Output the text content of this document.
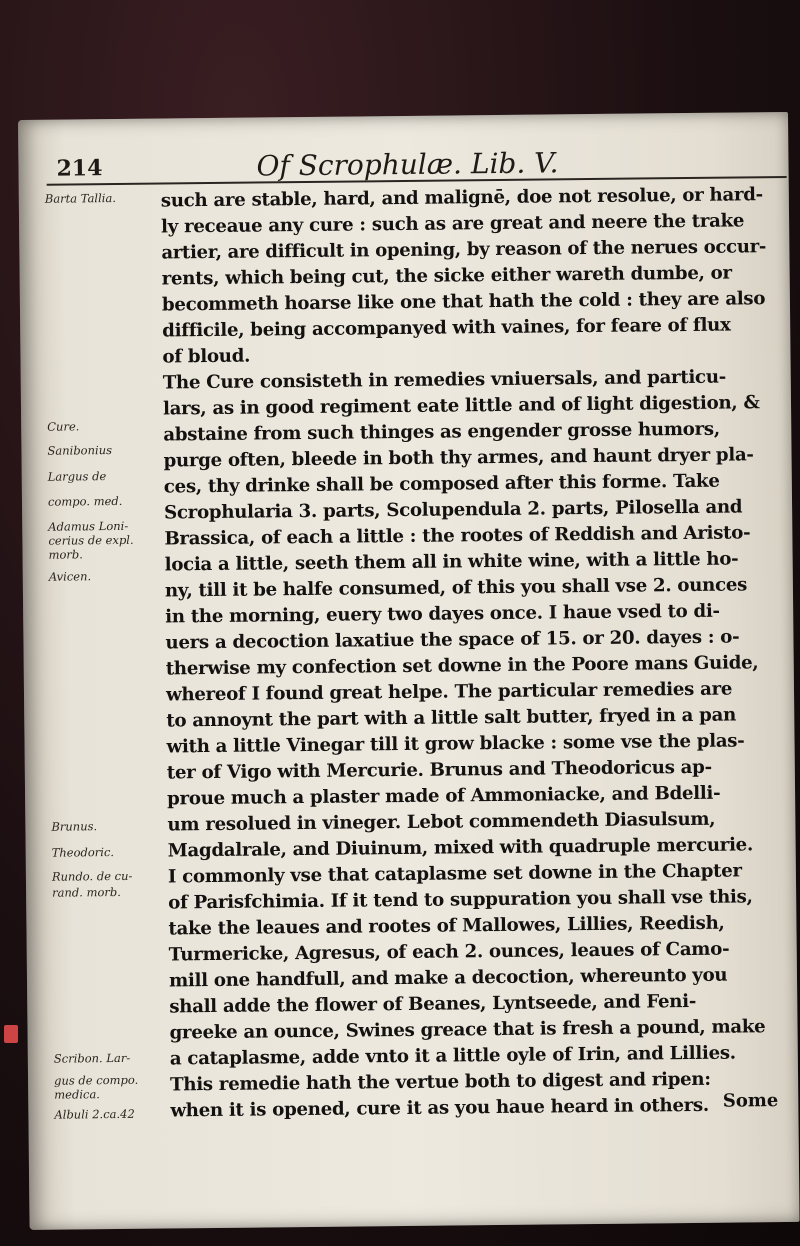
214	Of Scrophulæ. Lib. V.
Barta Tallia.
Cure.
Sanibonius
Largus de
compo. med.
Adamus Loni-
cerius de expl.
morb.
Avicen.
Brunus.
Theodoric.
Rundo. de cu-
rand. morb.
Scribon. Lar-
gus de compo.
medica.
Albuli 2.ca.42
such are stable, hard, and malignē, doe not resolue, or hard-
ly receaue any cure : such as are great and neere the trake
artier, are difficult in opening, by reason of the nerues occur-
rents, which being cut, the sicke either wareth dumbe, or
becommeth hoarse like one that hath the cold : they are also
difficile, being accompanyed with vaines, for feare of flux
of bloud.
The Cure consisteth in remedies vniuersals, and particu-
lars, as in good regiment eate little and of light digestion, &
abstaine from such thinges as engender grosse humors,
purge often, bleede in both thy armes, and haunt dryer pla-
ces, thy drinke shall be composed after this forme. Take
Scrophularia 3. parts, Scolupendula 2. parts, Pilosella and
Brassica, of each a little : the rootes of Reddish and Aristo-
locia a little, seeth them all in white wine, with a little ho-
ny, till it be halfe consumed, of this you shall vse 2. ounces
in the morning, euery two dayes once. I haue vsed to di-
uers a decoction laxatiue the space of 15. or 20. dayes : o-
therwise my confection set downe in the Poore mans Guide,
whereof I found great helpe. The particular remedies are
to annoynt the part with a little salt butter, fryed in a pan
with a little Vinegar till it grow blacke : some vse the plas-
ter of Vigo with Mercurie. Brunus and Theodoricus ap-
proue much a plaster made of Ammoniacke, and Bdelli-
um resolued in vineger. Lebot commendeth Diasulsum,
Magdalrale, and Diuinum, mixed with quadruple mercurie.
I commonly vse that cataplasme set downe in the Chapter
of Parisfchimia. If it tend to suppuration you shall vse this,
take the leaues and rootes of Mallowes, Lillies, Reedish,
Turmericke, Agresus, of each 2. ounces, leaues of Camo-
mill one handfull, and make a decoction, whereunto you
shall adde the flower of Beanes, Lyntseede, and Feni-
greeke an ounce, Swines greace that is fresh a pound, make
a cataplasme, adde vnto it a little oyle of Irin, and Lillies.
This remedie hath the vertue both to digest and ripen:
when it is opened, cure it as you haue heard in others. Some
